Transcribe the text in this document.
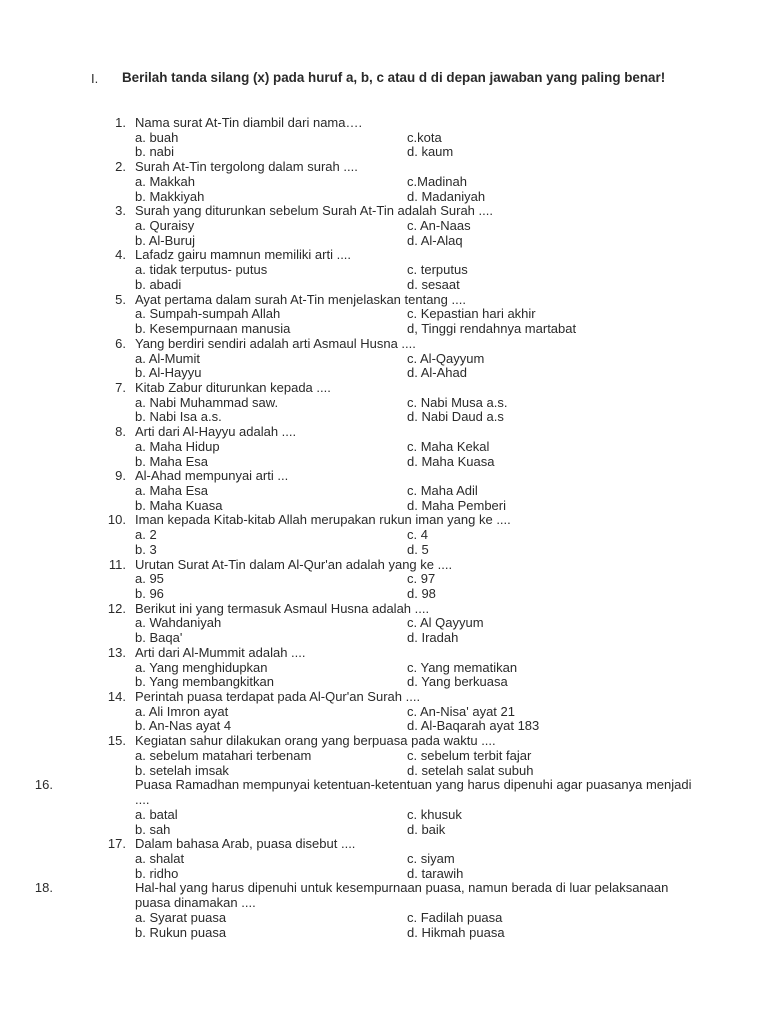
I. Berilah tanda silang (x) pada huruf a, b, c atau d di depan jawaban yang paling benar!
1. Nama surat At-Tin diambil dari nama….
a. buah	c.kota
b. nabi	d. kaum
2. Surah At-Tin tergolong dalam surah ....
a. Makkah	c.Madinah
b. Makkiyah	d. Madaniyah
3. Surah yang diturunkan sebelum Surah At-Tin adalah Surah ....
a. Quraisy	c. An-Naas
b. Al-Buruj	d. Al-Alaq
4. Lafadz gairu mamnun memiliki arti ....
a. tidak terputus- putus	c. terputus
b. abadi	d. sesaat
5. Ayat pertama dalam surah At-Tin menjelaskan tentang ....
a. Sumpah-sumpah Allah	c. Kepastian hari akhir
b. Kesempurnaan manusia	d, Tinggi rendahnya martabat
6. Yang berdiri sendiri adalah arti Asmaul Husna ....
a. Al-Mumit	c. Al-Qayyum
b. Al-Hayyu	d. Al-Ahad
7. Kitab Zabur diturunkan kepada ....
a. Nabi Muhammad saw.	c. Nabi Musa a.s.
b. Nabi Isa a.s.	d. Nabi Daud a.s
8. Arti dari Al-Hayyu adalah ....
a. Maha Hidup	c. Maha Kekal
b. Maha Esa	d. Maha Kuasa
9. Al-Ahad mempunyai arti ...
a. Maha Esa	c. Maha Adil
b. Maha Kuasa	d. Maha Pemberi
10. Iman kepada Kitab-kitab Allah merupakan rukun iman yang ke ....
a. 2	c. 4
b. 3	d. 5
11. Urutan Surat At-Tin dalam Al-Qur'an adalah yang ke ....
a. 95	c. 97
b. 96	d. 98
12. Berikut ini yang termasuk Asmaul Husna adalah ....
a. Wahdaniyah	c. Al Qayyum
b. Baqa'	d. Iradah
13. Arti dari Al-Mummit adalah ....
a. Yang menghidupkan	c. Yang mematikan
b. Yang membangkitkan	d. Yang berkuasa
14. Perintah puasa terdapat pada Al-Qur'an Surah ....
a. Ali Imron ayat	c. An-Nisa' ayat 21
b. An-Nas ayat 4	d. Al-Baqarah ayat 183
15. Kegiatan sahur dilakukan orang yang berpuasa pada waktu ....
a. sebelum matahari terbenam	c. sebelum terbit fajar
b. setelah imsak	d. setelah salat subuh
16.	Puasa Ramadhan mempunyai ketentuan-ketentuan yang harus dipenuhi agar puasanya menjadi ....
a. batal	c. khusuk
b. sah	d. baik
17. Dalam bahasa Arab, puasa disebut ....
a. shalat	c. siyam
b. ridho	d. tarawih
18.	Hal-hal yang harus dipenuhi untuk kesempurnaan puasa, namun berada di luar pelaksanaan puasa dinamakan ....
a. Syarat puasa	c. Fadilah puasa
b. Rukun puasa	d. Hikmah puasa
